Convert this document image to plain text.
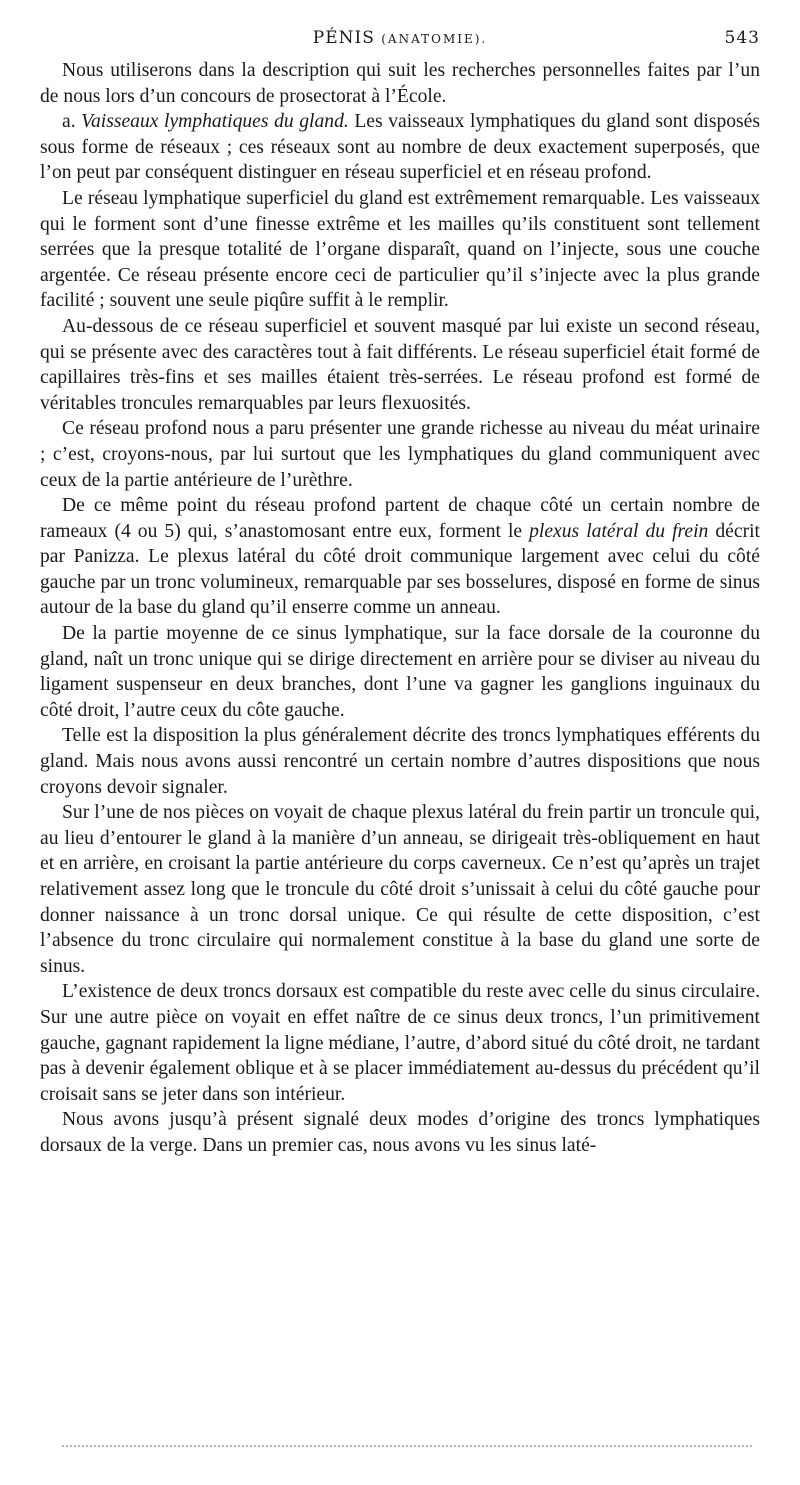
PÉNIS (ANATOMIE).	543

Nous utiliserons dans la description qui suit les recherches personnelles faites par l’un de nous lors d’un concours de prosectorat à l’École.

a. Vaisseaux lymphatiques du gland. Les vaisseaux lymphatiques du gland sont disposés sous forme de réseaux ; ces réseaux sont au nombre de deux exactement superposés, que l’on peut par conséquent distinguer en réseau superficiel et en réseau profond.

Le réseau lymphatique superficiel du gland est extrêmement remarquable. Les vaisseaux qui le forment sont d’une finesse extrême et les mailles qu’ils constituent sont tellement serrées que la presque totalité de l’organe disparaît, quand on l’injecte, sous une couche argentée. Ce réseau présente encore ceci de particulier qu’il s’injecte avec la plus grande facilité ; souvent une seule piqûre suffit à le remplir.

Au-dessous de ce réseau superficiel et souvent masqué par lui existe un second réseau, qui se présente avec des caractères tout à fait différents. Le réseau superficiel était formé de capillaires très-fins et ses mailles étaient très-serrées. Le réseau profond est formé de véritables troncules remarquables par leurs flexuosités.

Ce réseau profond nous a paru présenter une grande richesse au niveau du méat urinaire ; c’est, croyons-nous, par lui surtout que les lymphatiques du gland communiquent avec ceux de la partie antérieure de l’urèthre.

De ce même point du réseau profond partent de chaque côté un certain nombre de rameaux (4 ou 5) qui, s’anastomosant entre eux, forment le plexus latéral du frein décrit par Panizza. Le plexus latéral du côté droit communique largement avec celui du côté gauche par un tronc volumineux, remarquable par ses bosselures, disposé en forme de sinus autour de la base du gland qu’il enserre comme un anneau.

De la partie moyenne de ce sinus lymphatique, sur la face dorsale de la couronne du gland, naît un tronc unique qui se dirige directement en arrière pour se diviser au niveau du ligament suspenseur en deux branches, dont l’une va gagner les ganglions inguinaux du côté droit, l’autre ceux du côte gauche.

Telle est la disposition la plus généralement décrite des troncs lymphatiques efférents du gland. Mais nous avons aussi rencontré un certain nombre d’autres dispositions que nous croyons devoir signaler.

Sur l’une de nos pièces on voyait de chaque plexus latéral du frein partir un troncule qui, au lieu d’entourer le gland à la manière d’un anneau, se dirigeait très-obliquement en haut et en arrière, en croisant la partie antérieure du corps caverneux. Ce n’est qu’après un trajet relativement assez long que le troncule du côté droit s’unissait à celui du côté gauche pour donner naissance à un tronc dorsal unique. Ce qui résulte de cette disposition, c’est l’absence du tronc circulaire qui normalement constitue à la base du gland une sorte de sinus.

L’existence de deux troncs dorsaux est compatible du reste avec celle du sinus circulaire. Sur une autre pièce on voyait en effet naître de ce sinus deux troncs, l’un primitivement gauche, gagnant rapidement la ligne médiane, l’autre, d’abord situé du côté droit, ne tardant pas à devenir également oblique et à se placer immédiatement au-dessus du précédent qu’il croisait sans se jeter dans son intérieur.

Nous avons jusqu’à présent signalé deux modes d’origine des troncs lymphatiques dorsaux de la verge. Dans un premier cas, nous avons vu les sinus laté-
